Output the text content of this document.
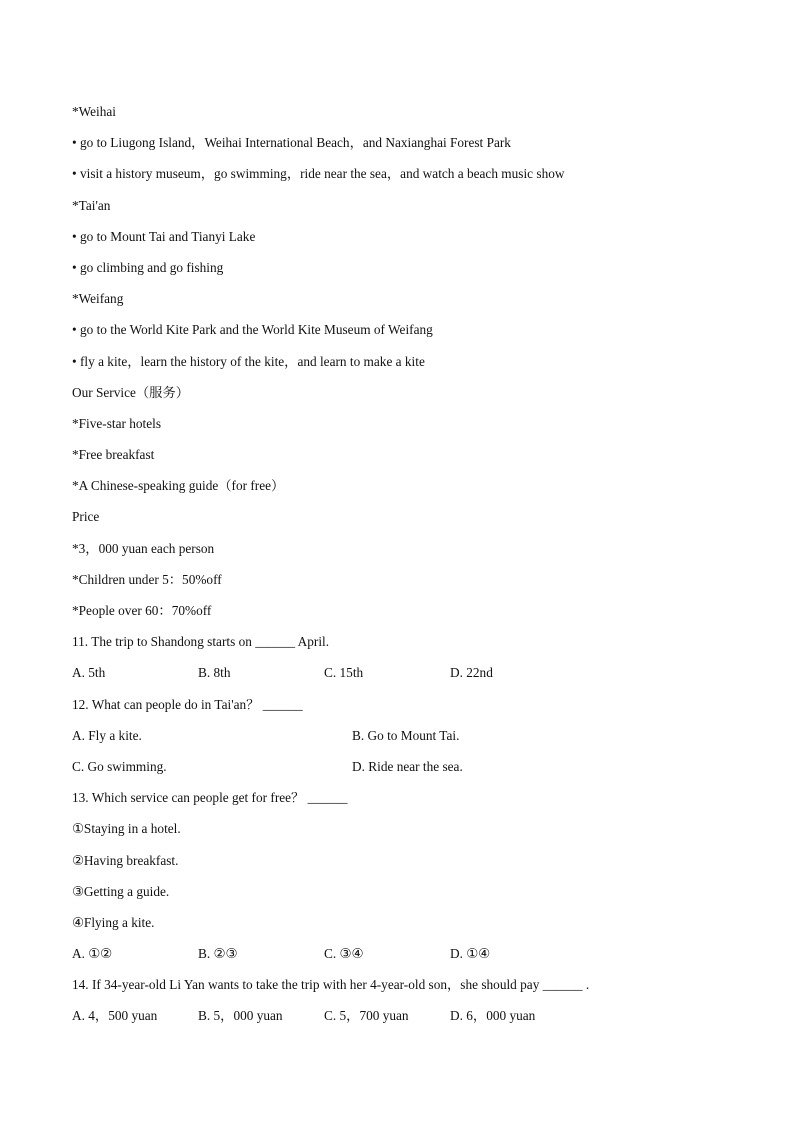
*Weihai
• go to Liugong Island，Weihai International Beach，and Naxianghai Forest Park
• visit a history museum，go swimming，ride near the sea，and watch a beach music show
*Tai'an
• go to Mount Tai and Tianyi Lake
• go climbing and go fishing
*Weifang
• go to the World Kite Park and the World Kite Museum of Weifang
• fly a kite，learn the history of the kite，and learn to make a kite
Our Service（服务）
*Five-star hotels
*Free breakfast
*A Chinese-speaking guide（for free）
Price
*3，000 yuan each person
*Children under 5：50%off
*People over 60：70%off
11. The trip to Shandong starts on ______ April.
A. 5th	B. 8th	C. 15th	D. 22nd
12. What can people do in Tai'an？ ______
A. Fly a kite.	B. Go to Mount Tai.
C. Go swimming.	D. Ride near the sea.
13. Which service can people get for free？ ______
①Staying in a hotel.
②Having breakfast.
③Getting a guide.
④Flying a kite.
A. ①②	B. ②③	C. ③④	D. ①④
14. If 34-year-old Li Yan wants to take the trip with her 4-year-old son，she should pay ______ .
A. 4，500 yuan	B. 5，000 yuan	C. 5，700 yuan	D. 6，000 yuan
